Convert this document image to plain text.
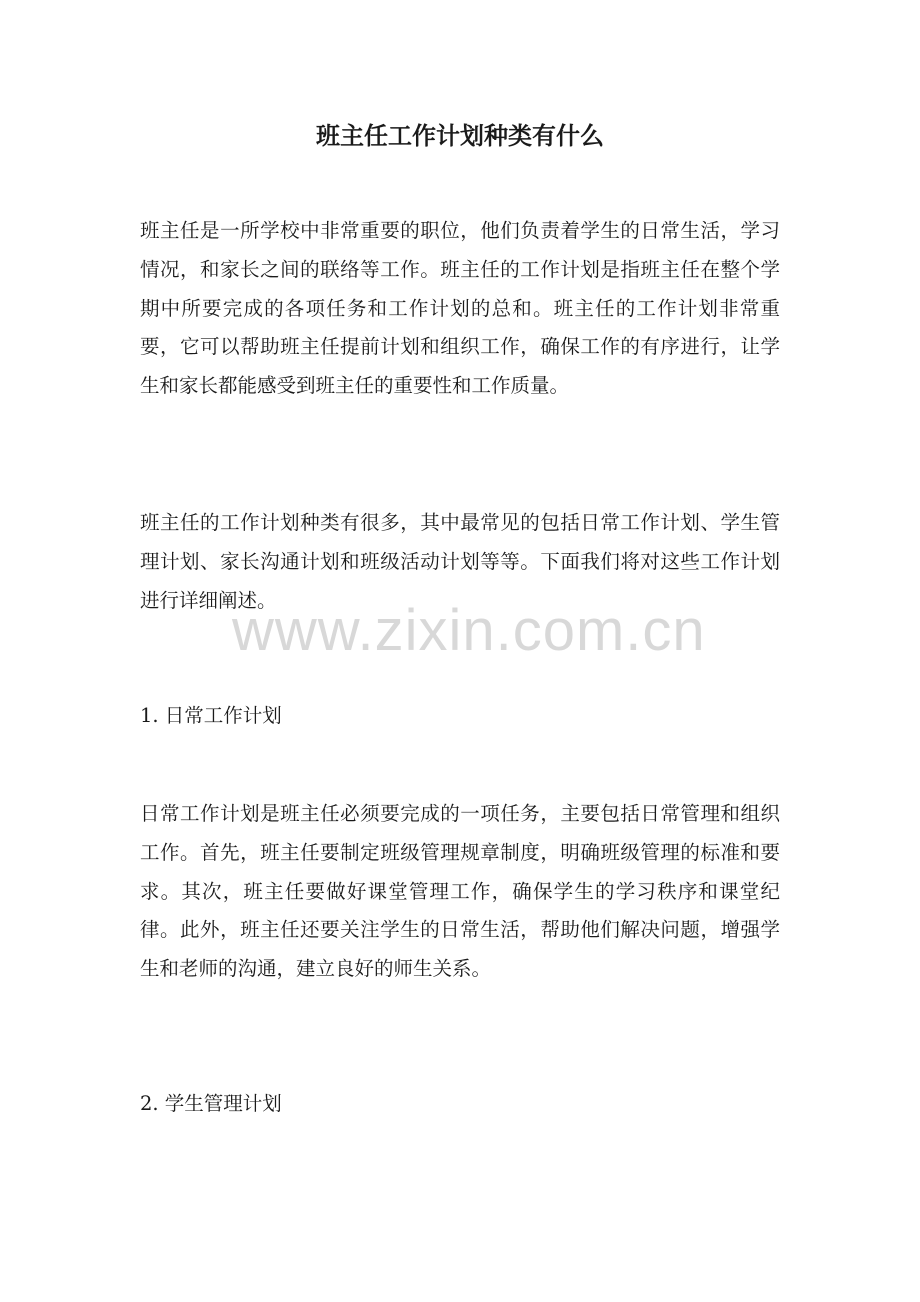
班主任工作计划种类有什么

班主任是一所学校中非常重要的职位，他们负责着学生的日常生活，学习情况，和家长之间的联络等工作。班主任的工作计划是指班主任在整个学期中所要完成的各项任务和工作计划的总和。班主任的工作计划非常重要，它可以帮助班主任提前计划和组织工作，确保工作的有序进行，让学生和家长都能感受到班主任的重要性和工作质量。

班主任的工作计划种类有很多，其中最常见的包括日常工作计划、学生管理计划、家长沟通计划和班级活动计划等等。下面我们将对这些工作计划进行详细阐述。

1. 日常工作计划

日常工作计划是班主任必须要完成的一项任务，主要包括日常管理和组织工作。首先，班主任要制定班级管理规章制度，明确班级管理的标准和要求。其次，班主任要做好课堂管理工作，确保学生的学习秩序和课堂纪律。此外，班主任还要关注学生的日常生活，帮助他们解决问题，增强学生和老师的沟通，建立良好的师生关系。

2. 学生管理计划

www.zixin.com.cn
